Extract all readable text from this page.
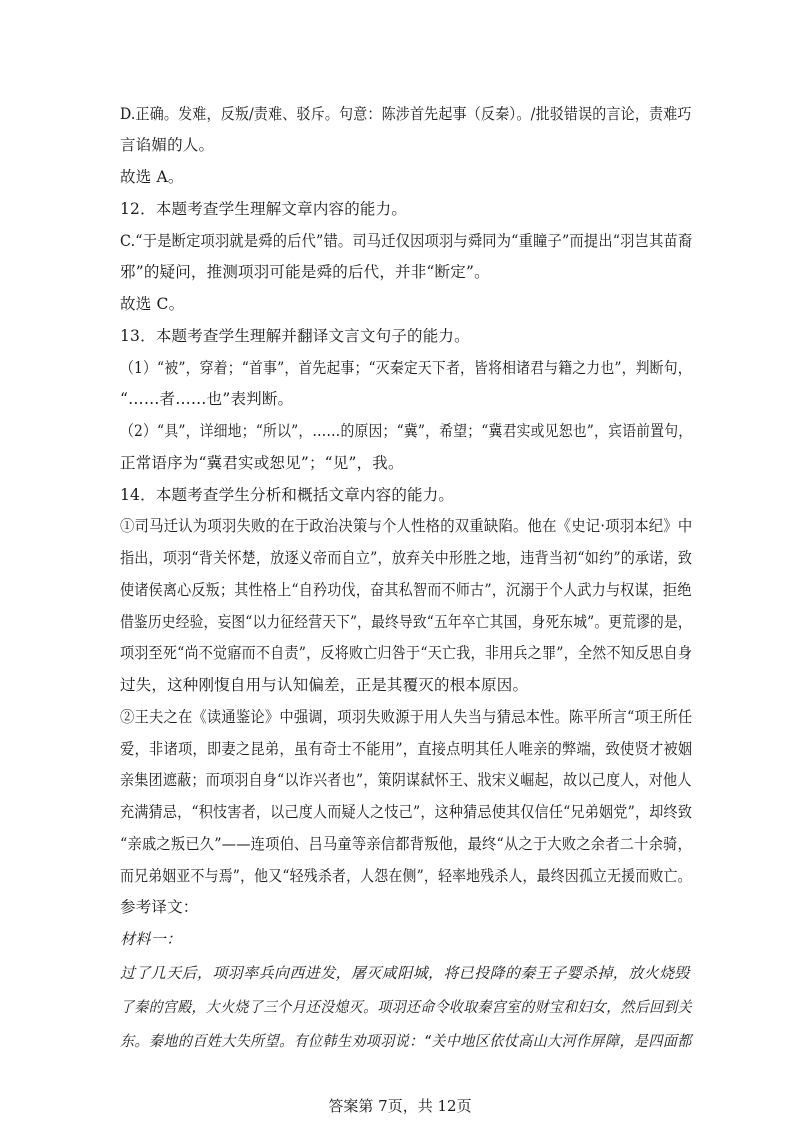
D.正确。发难，反叛/责难、驳斥。句意：陈涉首先起事（反秦）。/批驳错误的言论，责难巧
言谄媚的人。
故选 A。
12．本题考查学生理解文章内容的能力。
C.“于是断定项羽就是舜的后代”错。司马迁仅因项羽与舜同为“重瞳子”而提出“羽岂其苗裔
邪”的疑问，推测项羽可能是舜的后代，并非“断定”。
故选 C。
13．本题考查学生理解并翻译文言文句子的能力。
（1）“被”，穿着；“首事”，首先起事；“灭秦定天下者，皆将相诸君与籍之力也”，判断句，
“……者……也”表判断。
（2）“具”，详细地；“所以”，……的原因；“冀”，希望；“冀君实或见恕也”，宾语前置句，
正常语序为“冀君实或恕见”；“见”，我。
14．本题考查学生分析和概括文章内容的能力。
①司马迁认为项羽失败的在于政治决策与个人性格的双重缺陷。他在《史记·项羽本纪》中
指出，项羽“背关怀楚，放逐义帝而自立”，放弃关中形胜之地，违背当初“如约”的承诺，致
使诸侯离心反叛；其性格上“自矜功伐，奋其私智而不师古”，沉溺于个人武力与权谋，拒绝
借鉴历史经验，妄图“以力征经营天下”，最终导致“五年卒亡其国，身死东城”。更荒谬的是，
项羽至死“尚不觉寤而不自责”，反将败亡归咎于“天亡我，非用兵之罪”，全然不知反思自身
过失，这种刚愎自用与认知偏差，正是其覆灭的根本原因。
②王夫之在《读通鉴论》中强调，项羽失败源于用人失当与猜忌本性。陈平所言“项王所任
爱，非诸项，即妻之昆弟，虽有奇士不能用”，直接点明其任人唯亲的弊端，致使贤才被姻
亲集团遮蔽；而项羽自身“以诈兴者也”，策阴谋弑怀王、戕宋义崛起，故以己度人，对他人
充满猜忌，“积忮害者，以己度人而疑人之忮己”，这种猜忌使其仅信任“兄弟姻党”，却终致
“亲戚之叛已久”——连项伯、吕马童等亲信都背叛他，最终“从之于大败之余者二十余骑，
而兄弟姻亚不与焉”，他又“轻残杀者，人怨在侧”，轻率地残杀人，最终因孤立无援而败亡。
参考译文：
材料一：
过了几天后，项羽率兵向西进发，屠灭咸阳城，将已投降的秦王子婴杀掉，放火烧毁
了秦的宫殿，大火烧了三个月还没熄灭。项羽还命令收取秦宫室的财宝和妇女，然后回到关
东。秦地的百姓大失所望。有位韩生劝项羽说：“关中地区依仗高山大河作屏障，是四面都
答案第 7页，共 12页
